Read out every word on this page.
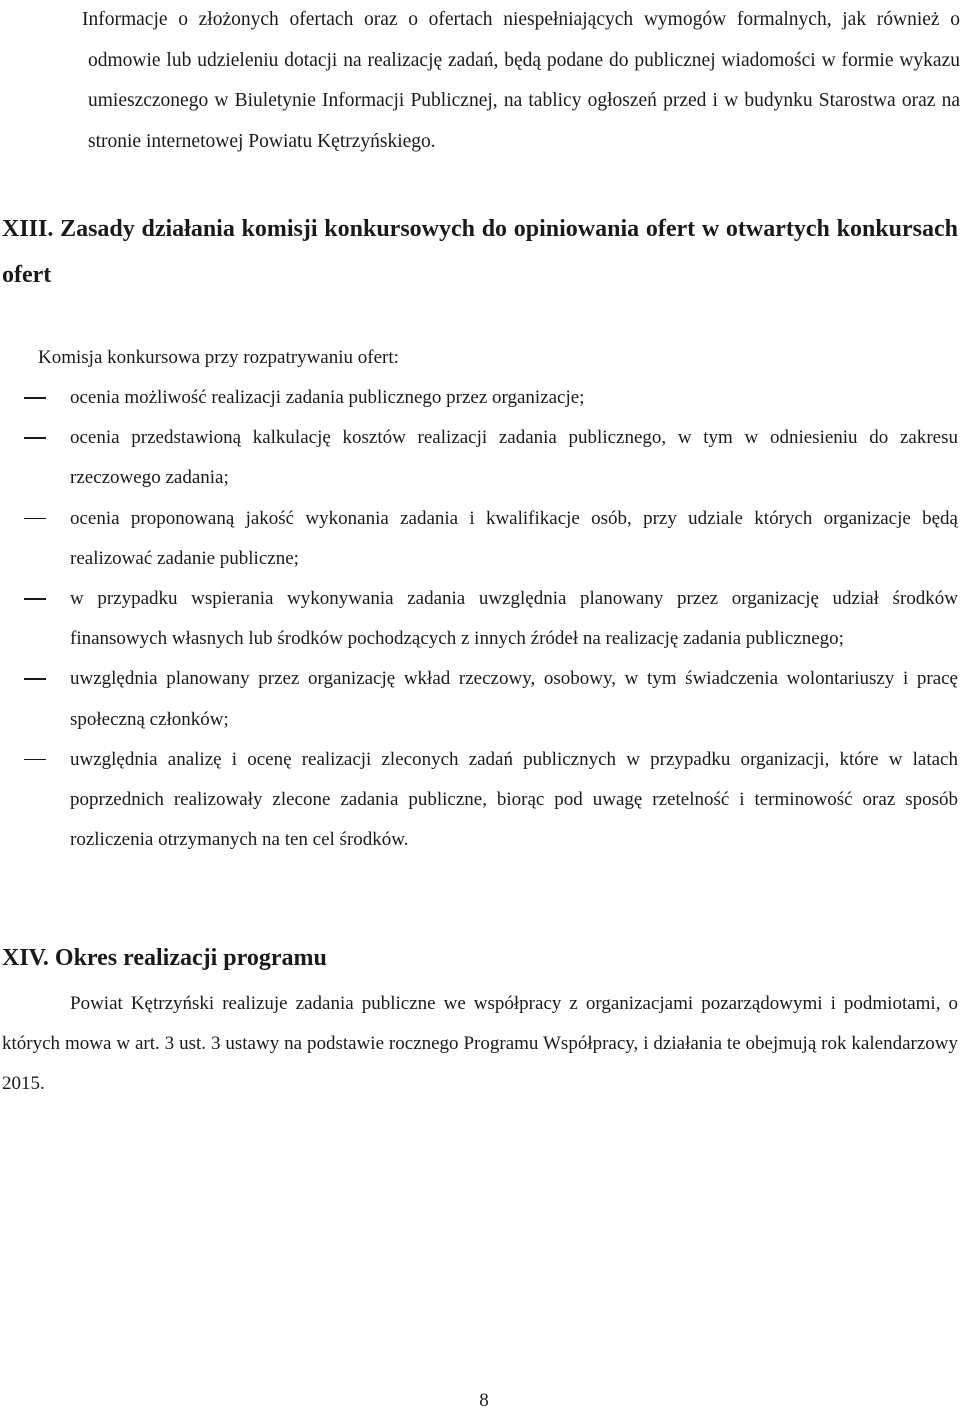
Informacje o złożonych ofertach oraz o ofertach niespełniających wymogów formalnych, jak również o odmowie lub udzieleniu dotacji na realizację zadań, będą podane do publicznej wiadomości w formie wykazu umieszczonego w Biuletynie Informacji Publicznej, na tablicy ogłoszeń przed i w budynku Starostwa oraz na stronie internetowej Powiatu Kętrzyńskiego.
XIII. Zasady działania komisji konkursowych do opiniowania ofert w otwartych konkursach ofert
Komisja konkursowa przy rozpatrywaniu ofert:
ocenia możliwość realizacji zadania publicznego przez organizacje;
ocenia przedstawioną kalkulację kosztów realizacji zadania publicznego, w tym w odniesieniu do zakresu rzeczowego zadania;
ocenia proponowaną jakość wykonania zadania i kwalifikacje osób, przy udziale których organizacje będą realizować zadanie publiczne;
w przypadku wspierania wykonywania zadania uwzględnia planowany przez organizację udział środków finansowych własnych lub środków pochodzących z innych źródeł na realizację zadania publicznego;
uwzględnia planowany przez organizację wkład rzeczowy, osobowy, w tym świadczenia wolontariuszy i pracę społeczną członków;
uwzględnia analizę i ocenę realizacji zleconych zadań publicznych w przypadku organizacji, które w latach poprzednich realizowały zlecone zadania publiczne, biorąc pod uwagę rzetelność i terminowość oraz sposób rozliczenia otrzymanych na ten cel środków.
XIV. Okres realizacji programu
Powiat Kętrzyński realizuje zadania publiczne we współpracy z organizacjami pozarządowymi i podmiotami, o których mowa w art. 3 ust. 3 ustawy na podstawie rocznego Programu Współpracy, i działania te obejmują rok kalendarzowy 2015.
8
